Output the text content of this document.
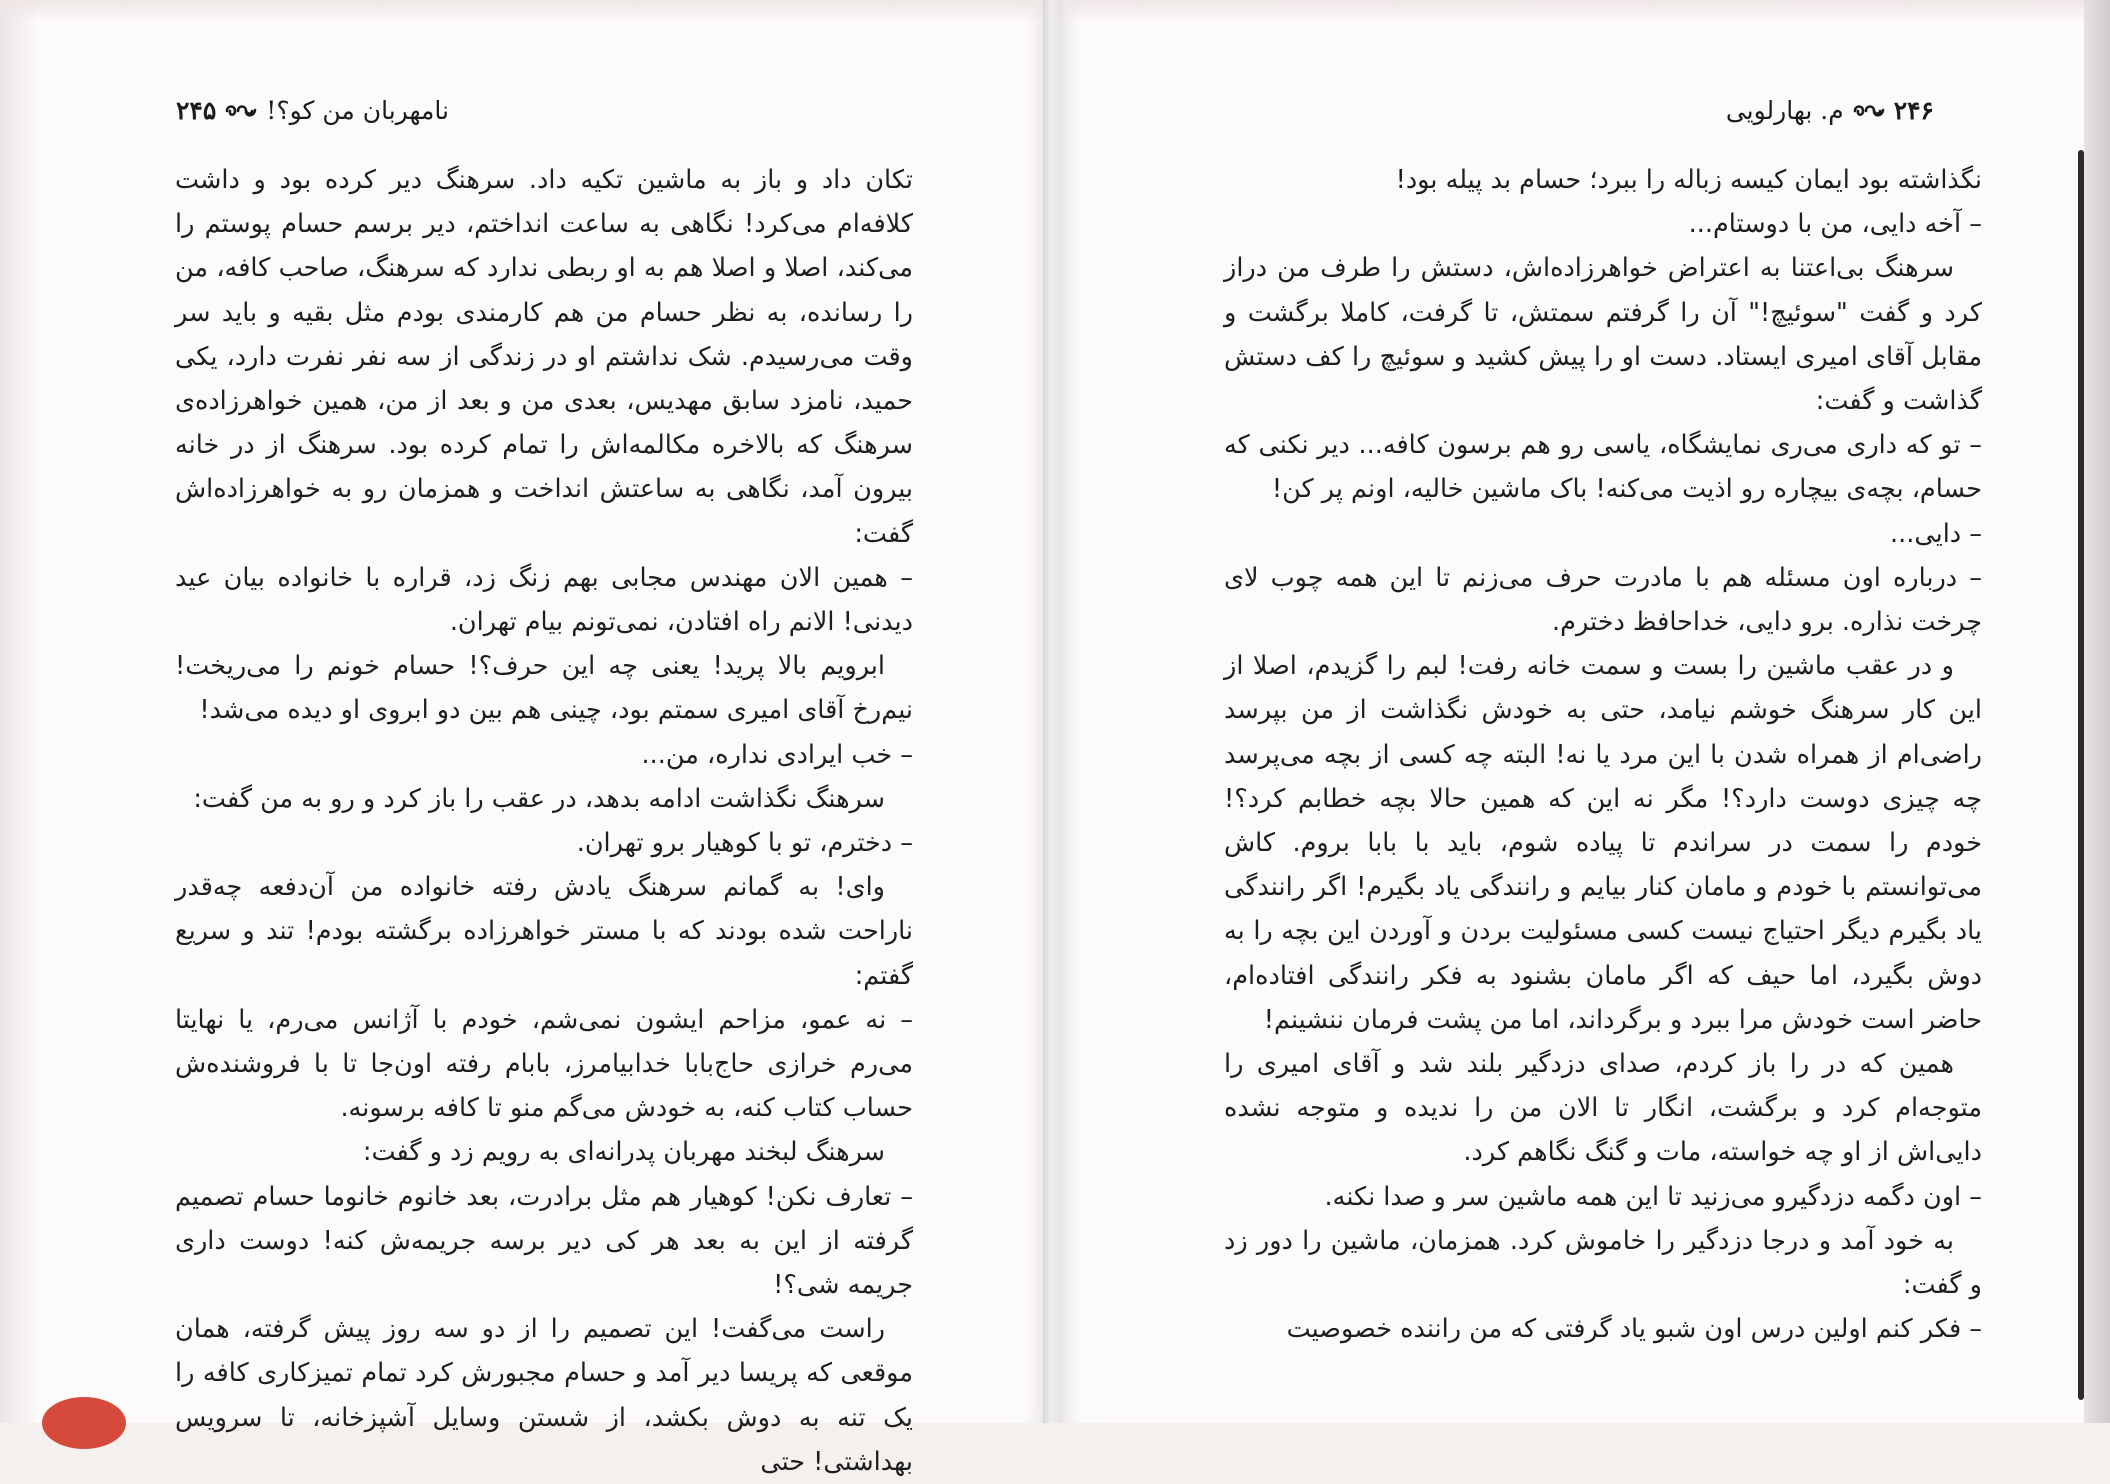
نامهربان من کو؟!
۲۴۵

تکان داد و باز به ماشین تکیه داد. سرهنگ دیر کرده بود و داشت کلافه‌ام می‌کرد! نگاهی به ساعت انداختم، دیر برسم حسام پوستم را می‌کند، اصلا و اصلا هم به او ربطی ندارد که سرهنگ، صاحب کافه، من را رسانده، به نظر حسام من هم کارمندی بودم مثل بقیه و باید سر وقت می‌رسیدم. شک نداشتم او در زندگی از سه نفر نفرت دارد، یکی حمید، نامزد سابق مهدیس، بعدی من و بعد از من، همین خواهرزاده‌ی سرهنگ که بالاخره مکالمه‌اش را تمام کرده بود. سرهنگ از در خانه بیرون آمد، نگاهی به ساعتش انداخت و همزمان رو به خواهرزاده‌اش گفت:

– همین الان مهندس مجابی بهم زنگ زد، قراره با خانواده بیان عید دیدنی! الانم راه افتادن، نمی‌تونم بیام تهران.

ابرویم بالا پرید! یعنی چه این حرف؟! حسام خونم را می‌ریخت! نیم‌رخ آقای امیری سمتم بود، چینی هم بین دو ابروی او دیده می‌شد!

– خب ایرادی نداره، من...

سرهنگ نگذاشت ادامه بدهد، در عقب را باز کرد و رو به من گفت:

– دخترم، تو با کوهیار برو تهران.

وای! به گمانم سرهنگ یادش رفته خانواده من آن‌دفعه چه‌قدر ناراحت شده بودند که با مستر خواهرزاده برگشته بودم! تند و سریع گفتم:

– نه عمو، مزاحم ایشون نمی‌شم، خودم با آژانس می‌رم، یا نهایتا می‌رم خرازی حاج‌بابا خدابیامرز، بابام رفته اون‌جا تا با فروشنده‌ش حساب کتاب کنه، به خودش می‌گم منو تا کافه برسونه.

سرهنگ لبخند مهربان پدرانه‌ای به رویم زد و گفت:

– تعارف نکن! کوهیار هم مثل برادرت، بعد خانوم خانوما حسام تصمیم گرفته از این به بعد هر کی دیر برسه جریمه‌ش کنه! دوست داری جریمه شی؟!

راست می‌گفت! این تصمیم را از دو سه روز پیش گرفته، همان موقعی که پریسا دیر آمد و حسام مجبورش کرد تمام تمیزکاری کافه را یک تنه به دوش بکشد، از شستن وسایل آشپزخانه، تا سرویس بهداشتی! حتی

۲۴۶
م. بهارلویی

نگذاشته بود ایمان کیسه زباله را ببرد؛ حسام بد پیله بود!

– آخه دایی، من با دوستام...

سرهنگ بی‌اعتنا به اعتراض خواهرزاده‌اش، دستش را طرف من دراز کرد و گفت "سوئیچ!" آن را گرفتم سمتش، تا گرفت، کاملا برگشت و مقابل آقای امیری ایستاد. دست او را پیش کشید و سوئیچ را کف دستش گذاشت و گفت:

– تو که داری می‌ری نمایشگاه، یاسی رو هم برسون کافه... دیر نکنی که حسام، بچه‌ی بیچاره رو اذیت می‌کنه! باک ماشین خالیه، اونم پر کن!

– دایی...

– درباره اون مسئله هم با مادرت حرف می‌زنم تا این همه چوب لای چرخت نذاره. برو دایی، خداحافظ دخترم.

و در عقب ماشین را بست و سمت خانه رفت! لبم را گزیدم، اصلا از این کار سرهنگ خوشم نیامد، حتی به خودش نگذاشت از من بپرسد راضی‌ام از همراه شدن با این مرد یا نه! البته چه کسی از بچه می‌پرسد چه چیزی دوست دارد؟! مگر نه این که همین حالا بچه خطابم کرد؟! خودم را سمت در سراندم تا پیاده شوم، باید با بابا بروم. کاش می‌توانستم با خودم و مامان کنار بیایم و رانندگی یاد بگیرم! اگر رانندگی یاد بگیرم دیگر احتیاج نیست کسی مسئولیت بردن و آوردن این بچه را به دوش بگیرد، اما حیف که اگر مامان بشنود به فکر رانندگی افتاده‌ام، حاضر است خودش مرا ببرد و برگرداند، اما من پشت فرمان ننشینم!

همین که در را باز کردم، صدای دزدگیر بلند شد و آقای امیری را متوجه‌ام کرد و برگشت، انگار تا الان من را ندیده و متوجه نشده دایی‌اش از او چه خواسته، مات و گنگ نگاهم کرد.

– اون دگمه دزدگیرو می‌زنید تا این همه ماشین سر و صدا نکنه.

به خود آمد و درجا دزدگیر را خاموش کرد. همزمان، ماشین را دور زد و گفت:

– فکر کنم اولین درس اون شبو یاد گرفتی که من راننده خصوصیت
